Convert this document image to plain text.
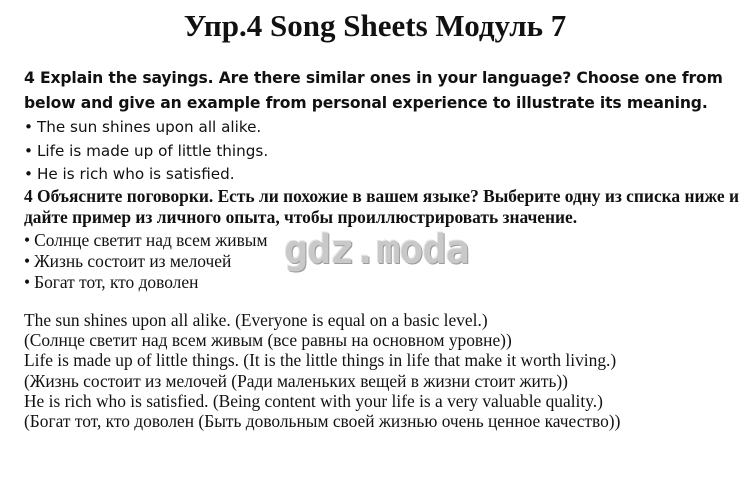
Упр.4 Song Sheets Модуль 7

4 Explain the sayings. Are there similar ones in your language? Choose one from below and give an example from personal experience to illustrate its meaning.

• The sun shines upon all alike.
• Life is made up of little things.
• He is rich who is satisfied.

4 Объясните поговорки. Есть ли похожие в вашем языке? Выберите одну из списка ниже и дайте пример из личного опыта, чтобы проиллюстрировать значение.

• Солнце светит над всем живым
• Жизнь состоит из мелочей
• Богат тот, кто доволен
gdz.moda
The sun shines upon all alike. (Everyone is equal on a basic level.)
(Солнце светит над всем живым (все равны на основном уровне))
Life is made up of little things. (It is the little things in life that make it worth living.)
(Жизнь состоит из мелочей (Ради маленьких вещей в жизни стоит жить))
He is rich who is satisfied. (Being content with your life is a very valuable quality.)
(Богат тот, кто доволен (Быть довольным своей жизнью очень ценное качество))
